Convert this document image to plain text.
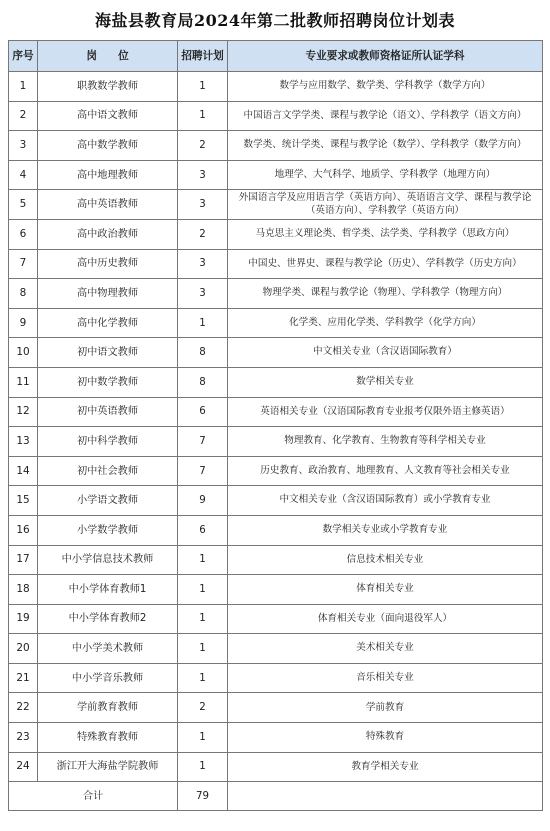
海盐县教育局2024年第二批教师招聘岗位计划表
序号	岗　　位	招聘计划	专业要求或教师资格证所认证学科
1	职教数学教师	1	数学与应用数学、数学类、学科教学（数学方向）
2	高中语文教师	1	中国语言文学学类、课程与教学论（语文）、学科教学（语文方向）
3	高中数学教师	2	数学类、统计学类、课程与教学论（数学）、学科教学（数学方向）
4	高中地理教师	3	地理学、大气科学、地质学、学科教学（地理方向）
5	高中英语教师	3	外国语言学及应用语言学（英语方向）、英语语言文学、课程与教学论（英语方向）、学科教学（英语方向）
6	高中政治教师	2	马克思主义理论类、哲学类、法学类、学科教学（思政方向）
7	高中历史教师	3	中国史、世界史、课程与教学论（历史）、学科教学（历史方向）
8	高中物理教师	3	物理学类、课程与教学论（物理）、学科教学（物理方向）
9	高中化学教师	1	化学类、应用化学类、学科教学（化学方向）
10	初中语文教师	8	中文相关专业（含汉语国际教育）
11	初中数学教师	8	数学相关专业
12	初中英语教师	6	英语相关专业（汉语国际教育专业报考仅限外语主修英语）
13	初中科学教师	7	物理教育、化学教育、生物教育等科学相关专业
14	初中社会教师	7	历史教育、政治教育、地理教育、人文教育等社会相关专业
15	小学语文教师	9	中文相关专业（含汉语国际教育）或小学教育专业
16	小学数学教师	6	数学相关专业或小学教育专业
17	中小学信息技术教师	1	信息技术相关专业
18	中小学体育教师1	1	体育相关专业
19	中小学体育教师2	1	体育相关专业（面向退役军人）
20	中小学美术教师	1	美术相关专业
21	中小学音乐教师	1	音乐相关专业
22	学前教育教师	2	学前教育
23	特殊教育教师	1	特殊教育
24	浙江开大海盐学院教师	1	教育学相关专业
合计		79	
